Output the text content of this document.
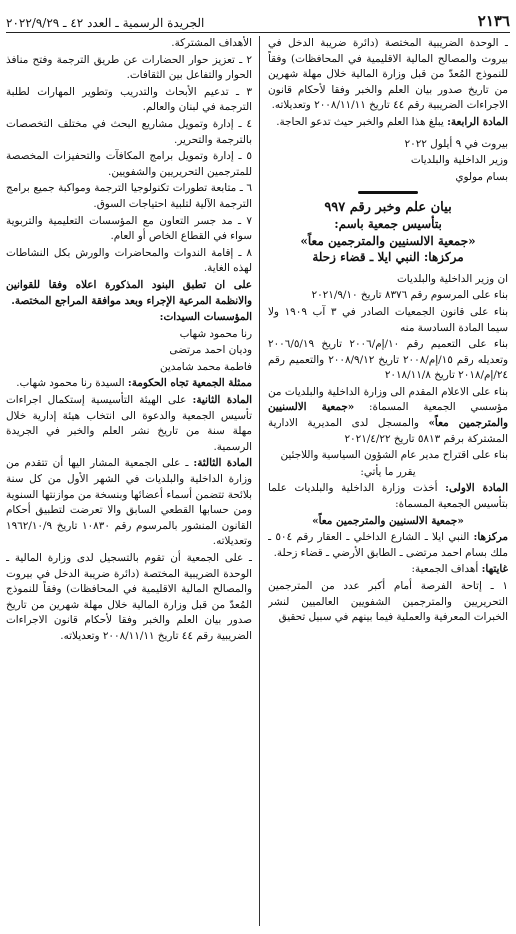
٢١٣٦
الجريدة الرسمية ـ العدد ٤٢ ـ ٢٠٢٢/٩/٢٩

ـ الوحدة الضريبية المختصة (دائرة ضريبة الدخل في بيروت والمصالح المالية الاقليمية في المحافظات) وفقاً للنموذج المُعدّ من قبل وزارة المالية خلال مهلة شهرين من تاريخ صدور بيان العلم والخبر وفقا لأحكام قانون الاجراءات الضريبية رقم ٤٤ تاريخ ٢٠٠٨/١١/١١ وتعديلاته.

المادة الرابعة: يبلغ هذا العلم والخبر حيث تدعو الحاجة.

بيروت في ٩ أيلول ٢٠٢٢

وزير الداخلية والبلديات

بسام مولوي

بيان علم وخبر رقم ٩٩٧

بتأسيس جمعية باسم:

«جمعية الالسنيين والمترجمين معاً»

مركزها: النبي ايلا ـ قضاء زحلة

ان وزير الداخلية والبلديات

بناء على المرسوم رقم ٨٣٧٦ تاريخ ٢٠٢١/٩/١٠

بناء على قانون الجمعيات الصادر في ٣ آب ١٩٠٩ ولا سيما المادة السادسة منه

بناء على التعميم رقم ١٠/إم/٢٠٠٦ تاريخ ٢٠٠٦/٥/١٩ وتعديله رقم ١٥/إم/٢٠٠٨ تاريخ ٢٠٠٨/٩/١٢ والتعميم رقم ٢٤/إم/٢٠١٨ تاريخ ٢٠١٨/١١/٨

بناء على الاعلام المقدم الى وزارة الداخلية والبلديات من مؤسسي الجمعية المسماة: «جمعية الالسنيين والمترجمين معاً» والمسجل لدى المديرية الادارية المشتركة برقم ٥٨١٣ تاريخ ٢٠٢١/٤/٢٢

بناء على اقتراح مدير عام الشؤون السياسية واللاجئين

يقرر ما يأتي:

المادة الاولى: أخذت وزارة الداخلية والبلديات علما بتأسيس الجمعية المسماة:

«جمعية الالسنيين والمترجمين معاً»

مركزها: النبي ايلا ـ الشارع الداخلي ـ العقار رقم ٥٠٤ ـ ملك بسام احمد مرتضى ـ الطابق الأرضي ـ قضاء زحلة.

غايتها: أهداف الجمعية:

١ ـ إتاحة الفرصة أمام أكبر عدد من المترجمين التحريريين والمترجمين الشفويين العالميين لنشر الخبرات المعرفية والعملية فيما بينهم في سبيل تحقيق

الأهداف المشتركة.

٢ ـ تعزيز حوار الحضارات عن طريق الترجمة وفتح منافذ الحوار والتفاعل بين الثقافات.

٣ ـ تدعيم الأبحاث والتدريب وتطوير المهارات لطلبة الترجمة في لبنان والعالم.

٤ ـ إدارة وتمويل مشاريع البحث في مختلف التخصصات بالترجمة والتحرير.

٥ ـ إدارة وتمويل برامج المكافآت والتحفيزات المخصصة للمترجمين التحريريين والشفويين.

٦ ـ متابعة تطورات تكنولوجيا الترجمة ومواكبة جميع برامج الترجمة الآلية لتلبية احتياجات السوق.

٧ ـ مد جسر التعاون مع المؤسسات التعليمية والتربوية سواء في القطاع الخاص أو العام.

٨ ـ إقامة الندوات والمحاضرات والورش بكل النشاطات لهذه الغاية.

على ان تطبق البنود المذكورة اعلاه وفقا للقوانين والانظمة المرعية الإجراء وبعد موافقة المراجع المختصة.

المؤسسات السيدات:

رنا محمود شهاب

وديان احمد مرتضى

فاطمة محمد شامدين

ممثلة الجمعية تجاه الحكومة: السيدة رنا محمود شهاب.

المادة الثانية: على الهيئة التأسيسية إستكمال اجراءات تأسيس الجمعية والدعوة الى انتخاب هيئة إدارية خلال مهلة سنة من تاريخ نشر العلم والخبر في الجريدة الرسمية.

المادة الثالثة: ـ على الجمعية المشار اليها أن تتقدم من وزارة الداخلية والبلديات في الشهر الأول من كل سنة بلائحة تتضمن أسماء أعضائها وبنسخة من موازنتها السنوية ومن حسابها القطعي السابق والا تعرضت لتطبيق أحكام القانون المنشور بالمرسوم رقم ١٠٨٣٠ تاريخ ١٩٦٢/١٠/٩ وتعديلاته.

ـ على الجمعية أن تقوم بالتسجيل لدى وزارة المالية ـ الوحدة الضريبية المختصة (دائرة ضريبة الدخل في بيروت والمصالح المالية الاقليمية في المحافظات) وفقاً للنموذج المُعدّ من قبل وزارة المالية خلال مهلة شهرين من تاريخ صدور بيان العلم والخبر وفقا لأحكام قانون الاجراءات الضريبية رقم ٤٤ تاريخ ٢٠٠٨/١١/١١ وتعديلاته.
